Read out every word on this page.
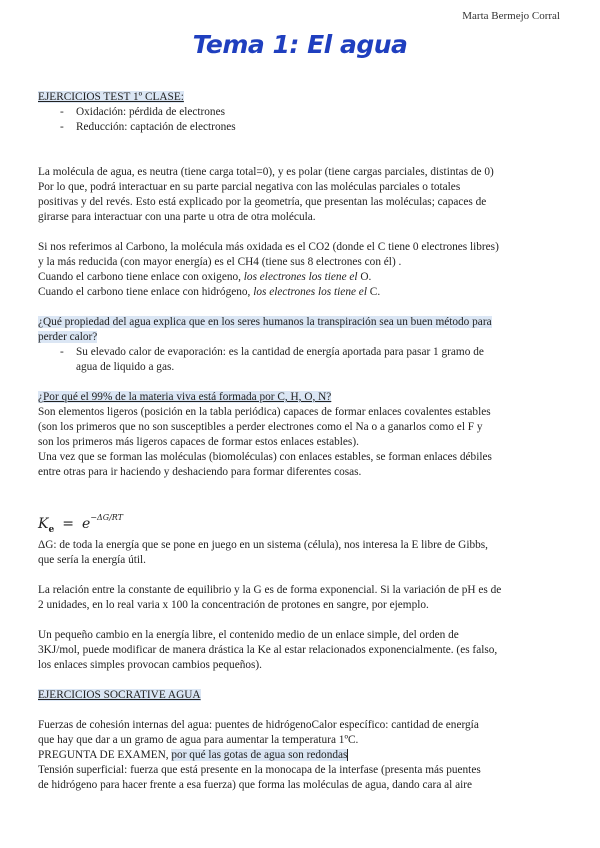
Marta Bermejo Corral
Tema 1: El agua

EJERCICIOS TEST 1º CLASE:

- Oxidación: pérdida de electrones
- Reducción: captación de electrones

La molécula de agua, es neutra (tiene carga total=0), y es polar (tiene cargas parciales, distintas de 0)

Por lo que, podrá interactuar en su parte parcial negativa con las moléculas parciales o totales

positivas y del revés. Esto está explicado por la geometría, que presentan las moléculas; capaces de

girarse para interactuar con una parte u otra de otra molécula.

Si nos referimos al Carbono, la molécula más oxidada es el CO2 (donde el C tiene 0 electrones libres)

y la más reducida (con mayor energía) es el CH4 (tiene sus 8 electrones con él) .

Cuando el carbono tiene enlace con oxigeno, los electrones los tiene el O.

Cuando el carbono tiene enlace con hidrógeno, los electrones los tiene el C.

¿Qué propiedad del agua explica que en los seres humanos la transpiración sea un buen método para

perder calor?

- Su elevado calor de evaporación: es la cantidad de energía aportada para pasar 1 gramo de
agua de liquido a gas.

¿Por qué el 99% de la materia viva está formada por C, H, O, N?

Son elementos ligeros (posición en la tabla periódica) capaces de formar enlaces covalentes estables

(son los primeros que no son susceptibles a perder electrones como el Na o a ganarlos como el F y

son los primeros más ligeros capaces de formar estos enlaces estables).

Una vez que se forman las moléculas (biomoléculas) con enlaces estables, se forman enlaces débiles

entre otras para ir haciendo y deshaciendo para formar diferentes cosas.

$K_e = e^{-\Delta G/RT}$

ΔG: de toda la energía que se pone en juego en un sistema (célula), nos interesa la E libre de Gibbs,

que sería la energía útil.

La relación entre la constante de equilibrio y la G es de forma exponencial. Si la variación de pH es de

2 unidades, en lo real varia x 100 la concentración de protones en sangre, por ejemplo.

Un pequeño cambio en la energía libre, el contenido medio de un enlace simple, del orden de

3KJ/mol, puede modificar de manera drástica la Ke al estar relacionados exponencialmente. (es falso,

los enlaces simples provocan cambios pequeños).

EJERCICIOS SOCRATIVE AGUA

Fuerzas de cohesión internas del agua: puentes de hidrógenoCalor específico: cantidad de energía

que hay que dar a un gramo de agua para aumentar la temperatura 1ºC.

PREGUNTA DE EXAMEN, por qué las gotas de agua son redondas

Tensión superficial: fuerza que está presente en la monocapa de la interfase (presenta más puentes

de hidrógeno para hacer frente a esa fuerza) que forma las moléculas de agua, dando cara al aire
